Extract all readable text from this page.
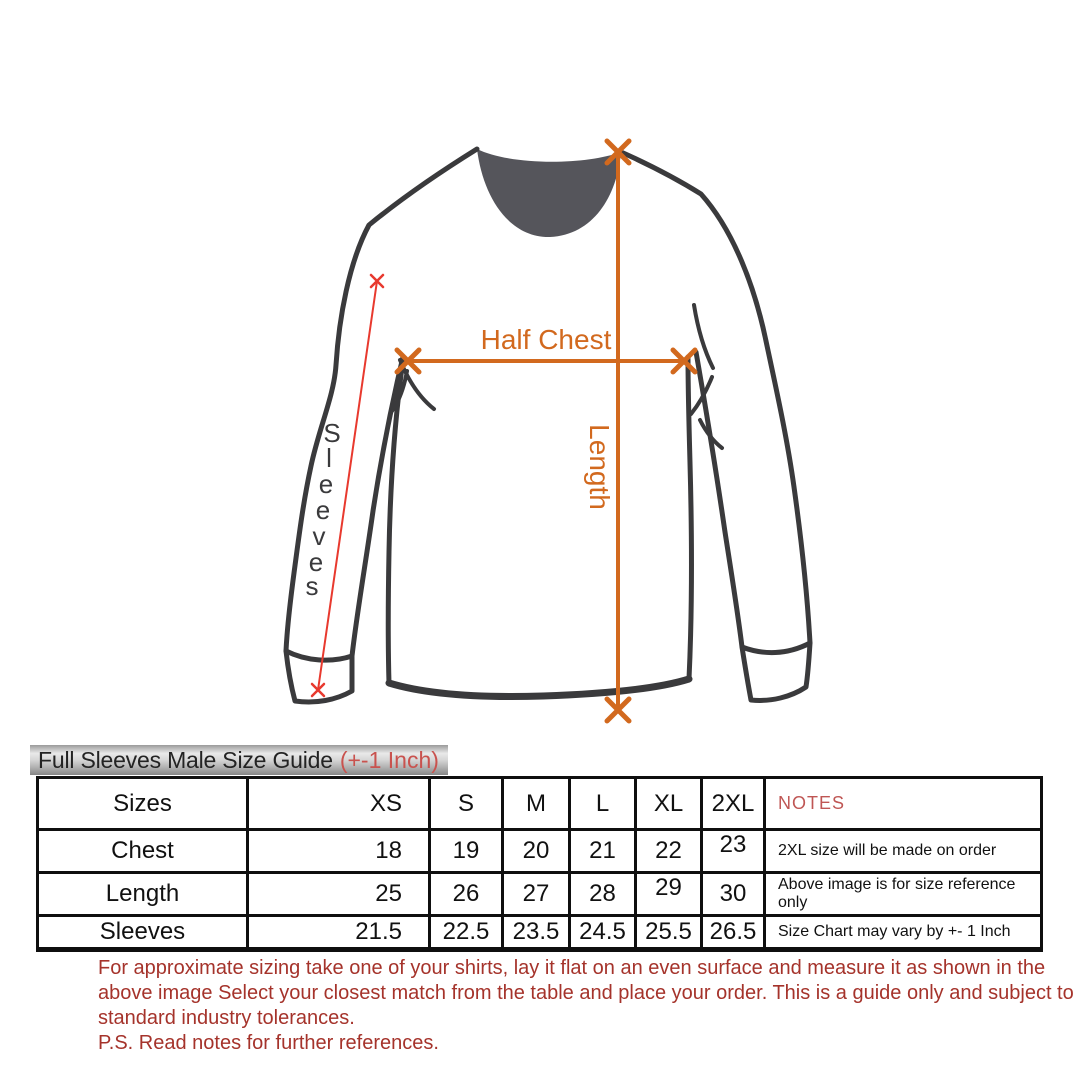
Half Chest
Length
S
l
e
e
v
e
s
Full Sleeves Male Size Guide (+-1 Inch)
Sizes	XS	S	M	L	XL	2XL	NOTES
Chest	18	19	20	21	22	23	2XL size will be made on order
Length	25	26	27	28	29	30	Above image is for size reference only
Sleeves	21.5	22.5	23.5	24.5	25.5	26.5	Size Chart may vary by +- 1 Inch
For approximate sizing take one of your shirts, lay it flat on an even surface and measure it as shown in the
above image Select your closest match from the table and place your order. This is a guide only and subject to
standard industry tolerances.
P.S. Read notes for further references.
